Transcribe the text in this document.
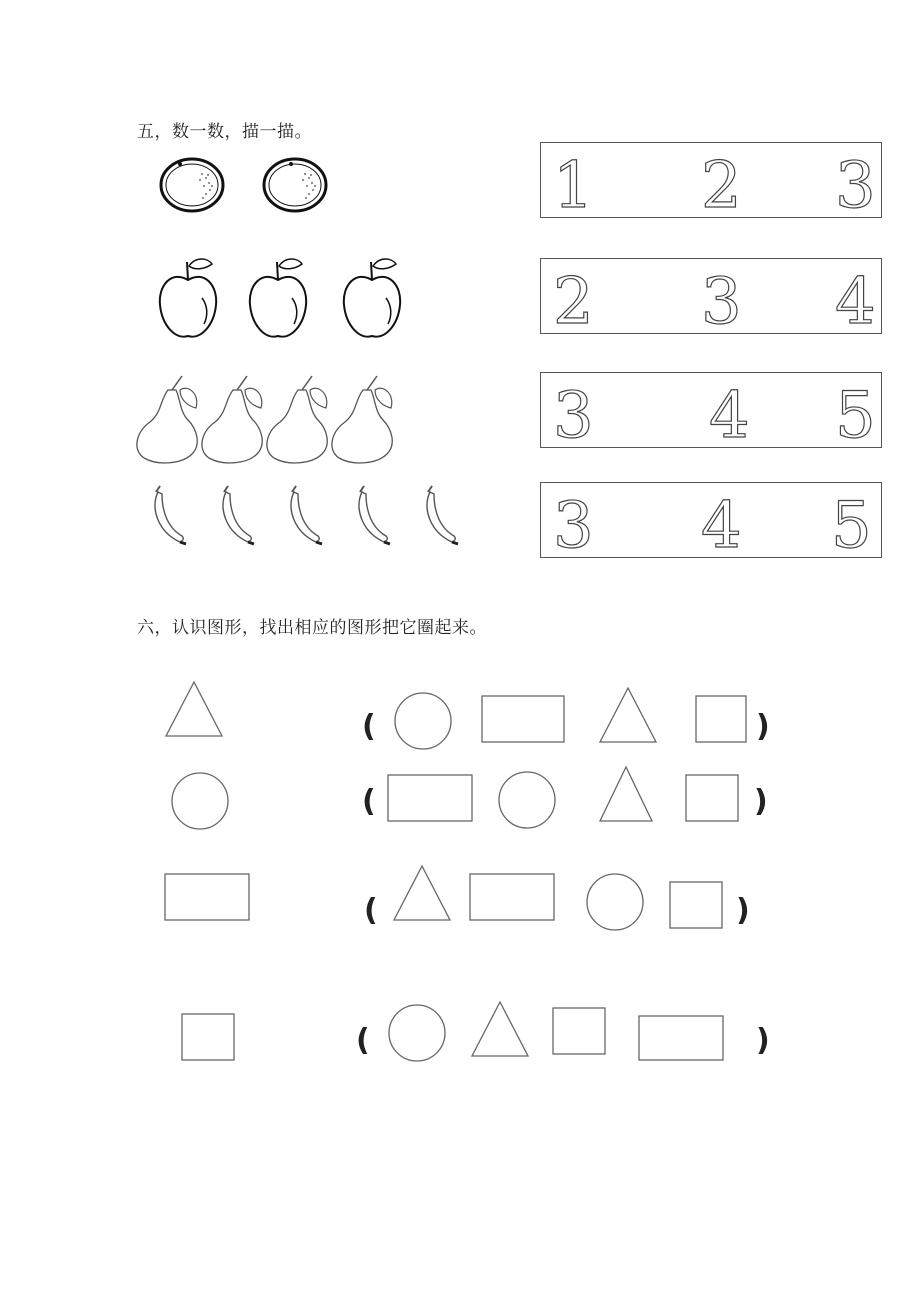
五，数一数，描一描。
1 2 3
2 3 4
3 4 5
3 4 5
六，认识图形，找出相应的图形把它圈起来。
(	)
(	)
(	)
(	)
